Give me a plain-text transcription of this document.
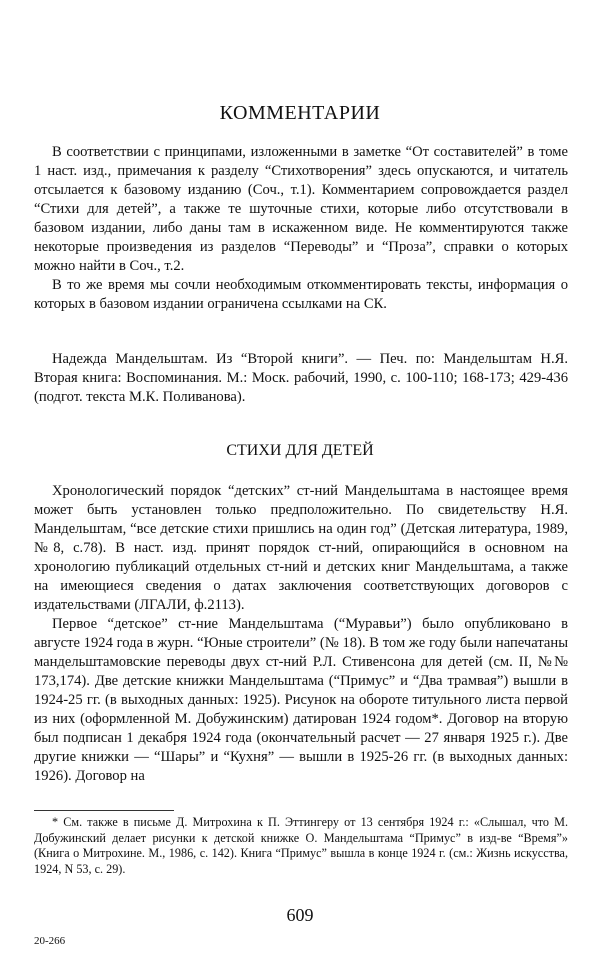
КОММЕНТАРИИ

В соответствии с принципами, изложенными в заметке “От составителей” в томе 1 наст. изд., примечания к разделу “Стихотворения” здесь опускаются, и читатель отсылается к базовому изданию (Соч., т.1). Комментарием сопровождается раздел “Стихи для детей”, а также те шуточные стихи, которые либо отсутствовали в базовом издании, либо даны там в искаженном виде. Не комментируются также некоторые произведения из разделов “Переводы” и “Проза”, справки о которых можно найти в Соч., т.2.

В то же время мы сочли необходимым откомментировать тексты, информация о которых в базовом издании ограничена ссылками на СК.

Надежда Мандельштам. Из “Второй книги”. — Печ. по: Мандельштам Н.Я. Вторая книга: Воспоминания. М.: Моск. рабочий, 1990, с. 100-110; 168-173; 429-436 (подгот. текста М.К. Поливанова).

СТИХИ ДЛЯ ДЕТЕЙ

Хронологический порядок “детских” ст-ний Мандельштама в настоящее время может быть установлен только предположительно. По свидетельству Н.Я. Мандельштам, “все детские стихи пришлись на один год” (Детская литература, 1989, №8, с.78). В наст. изд. принят порядок ст-ний, опирающийся в основном на хронологию публикаций отдельных ст-ний и детских книг Мандельштама, а также на имеющиеся сведения о датах заключения соответствующих договоров с издательствами (ЛГАЛИ, ф.2113).

Первое “детское” ст-ние Мандельштама (“Муравьи”) было опубликовано в августе 1924 года в журн. “Юные строители” (№ 18). В том же году были напечатаны мандельштамовские переводы двух ст-ний Р.Л. Стивенсона для детей (см. II, №№ 173,174). Две детские книжки Мандельштама (“Примус” и “Два трамвая”) вышли в 1924-25 гг. (в выходных данных: 1925). Рисунок на обороте титульного листа первой из них (оформленной М. Добужинским) датирован 1924 годом*. Договор на вторую был подписан 1 декабря 1924 года (окончательный расчет — 27 января 1925 г.). Две другие книжки — “Шары” и “Кухня” — вышли в 1925-26 гг. (в выходных данных: 1926). Договор на

* См. также в письме Д. Митрохина к П. Эттингеру от 13 сентября 1924 г.: «Слышал, что М. Добужинский делает рисунки к детской книжке О. Мандельштама “Примус” в изд-ве “Время”» (Книга о Митрохине. М., 1986, с. 142). Книга “Примус” вышла в конце 1924 г. (см.: Жизнь искусства, 1924, N 53, с. 29).
609
20-266
